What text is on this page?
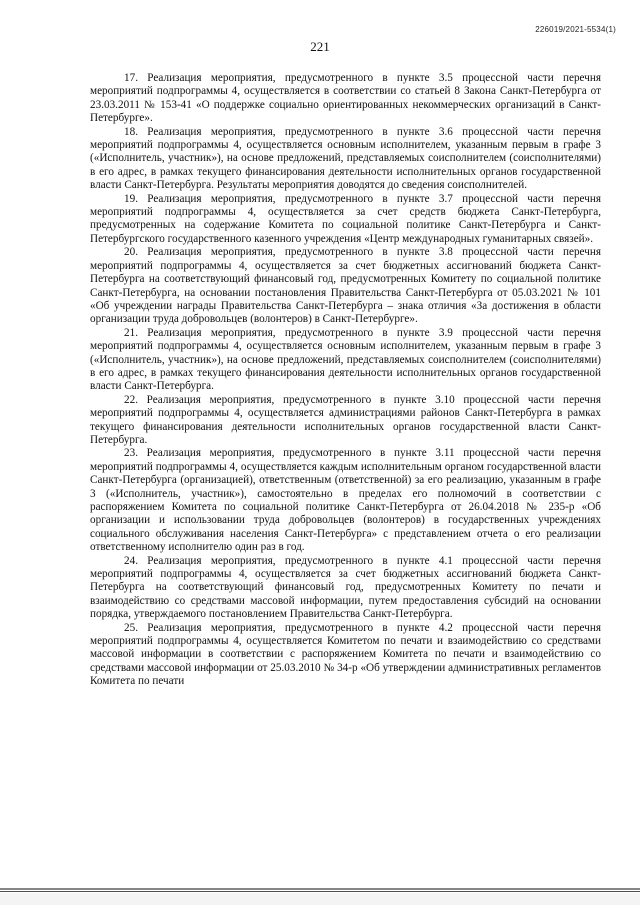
226019/2021-5534(1)
221

17. Реализация мероприятия, предусмотренного в пункте 3.5 процессной части перечня мероприятий подпрограммы 4, осуществляется в соответствии со статьей 8 Закона Санкт-Петербурга от 23.03.2011 № 153-41 «О поддержке социально ориентированных некоммерческих организаций в Санкт-Петербурге».

18. Реализация мероприятия, предусмотренного в пункте 3.6 процессной части перечня мероприятий подпрограммы 4, осуществляется основным исполнителем, указанным первым в графе 3 («Исполнитель, участник»), на основе предложений, представляемых соисполнителем (соисполнителями) в его адрес, в рамках текущего финансирования деятельности исполнительных органов государственной власти Санкт-Петербурга. Результаты мероприятия доводятся до сведения соисполнителей.

19. Реализация мероприятия, предусмотренного в пункте 3.7 процессной части перечня мероприятий подпрограммы 4, осуществляется за счет средств бюджета Санкт-Петербурга, предусмотренных на содержание Комитета по социальной политике Санкт-Петербурга и Санкт-Петербургского государственного казенного учреждения «Центр международных гуманитарных связей».

20. Реализация мероприятия, предусмотренного в пункте 3.8 процессной части перечня мероприятий подпрограммы 4, осуществляется за счет бюджетных ассигнований бюджета Санкт-Петербурга на соответствующий финансовый год, предусмотренных Комитету по социальной политике Санкт-Петербурга, на основании постановления Правительства Санкт-Петербурга от 05.03.2021 № 101 «Об учреждении награды Правительства Санкт-Петербурга – знака отличия «За достижения в области организации труда добровольцев (волонтеров) в Санкт-Петербурге».

21. Реализация мероприятия, предусмотренного в пункте 3.9 процессной части перечня мероприятий подпрограммы 4, осуществляется основным исполнителем, указанным первым в графе 3 («Исполнитель, участник»), на основе предложений, представляемых соисполнителем (соисполнителями) в его адрес, в рамках текущего финансирования деятельности исполнительных органов государственной власти Санкт-Петербурга.

22. Реализация мероприятия, предусмотренного в пункте 3.10 процессной части перечня мероприятий подпрограммы 4, осуществляется администрациями районов Санкт-Петербурга в рамках текущего финансирования деятельности исполнительных органов государственной власти Санкт-Петербурга.

23. Реализация мероприятия, предусмотренного в пункте 3.11 процессной части перечня мероприятий подпрограммы 4, осуществляется каждым исполнительным органом государственной власти Санкт-Петербурга (организацией), ответственным (ответственной) за его реализацию, указанным в графе 3 («Исполнитель, участник»), самостоятельно в пределах его полномочий в соответствии с распоряжением Комитета по социальной политике Санкт-Петербурга от 26.04.2018 № 235-р «Об организации и использовании труда добровольцев (волонтеров) в государственных учреждениях социального обслуживания населения Санкт-Петербурга» с представлением отчета о его реализации ответственному исполнителю один раз в год.

24. Реализация мероприятия, предусмотренного в пункте 4.1 процессной части перечня мероприятий подпрограммы 4, осуществляется за счет бюджетных ассигнований бюджета Санкт-Петербурга на соответствующий финансовый год, предусмотренных Комитету по печати и взаимодействию со средствами массовой информации, путем предоставления субсидий на основании порядка, утверждаемого постановлением Правительства Санкт-Петербурга.

25. Реализация мероприятия, предусмотренного в пункте 4.2 процессной части перечня мероприятий подпрограммы 4, осуществляется Комитетом по печати и взаимодействию со средствами массовой информации в соответствии с распоряжением Комитета по печати и взаимодействию со средствами массовой информации от 25.03.2010 № 34-р «Об утверждении административных регламентов Комитета по печати
